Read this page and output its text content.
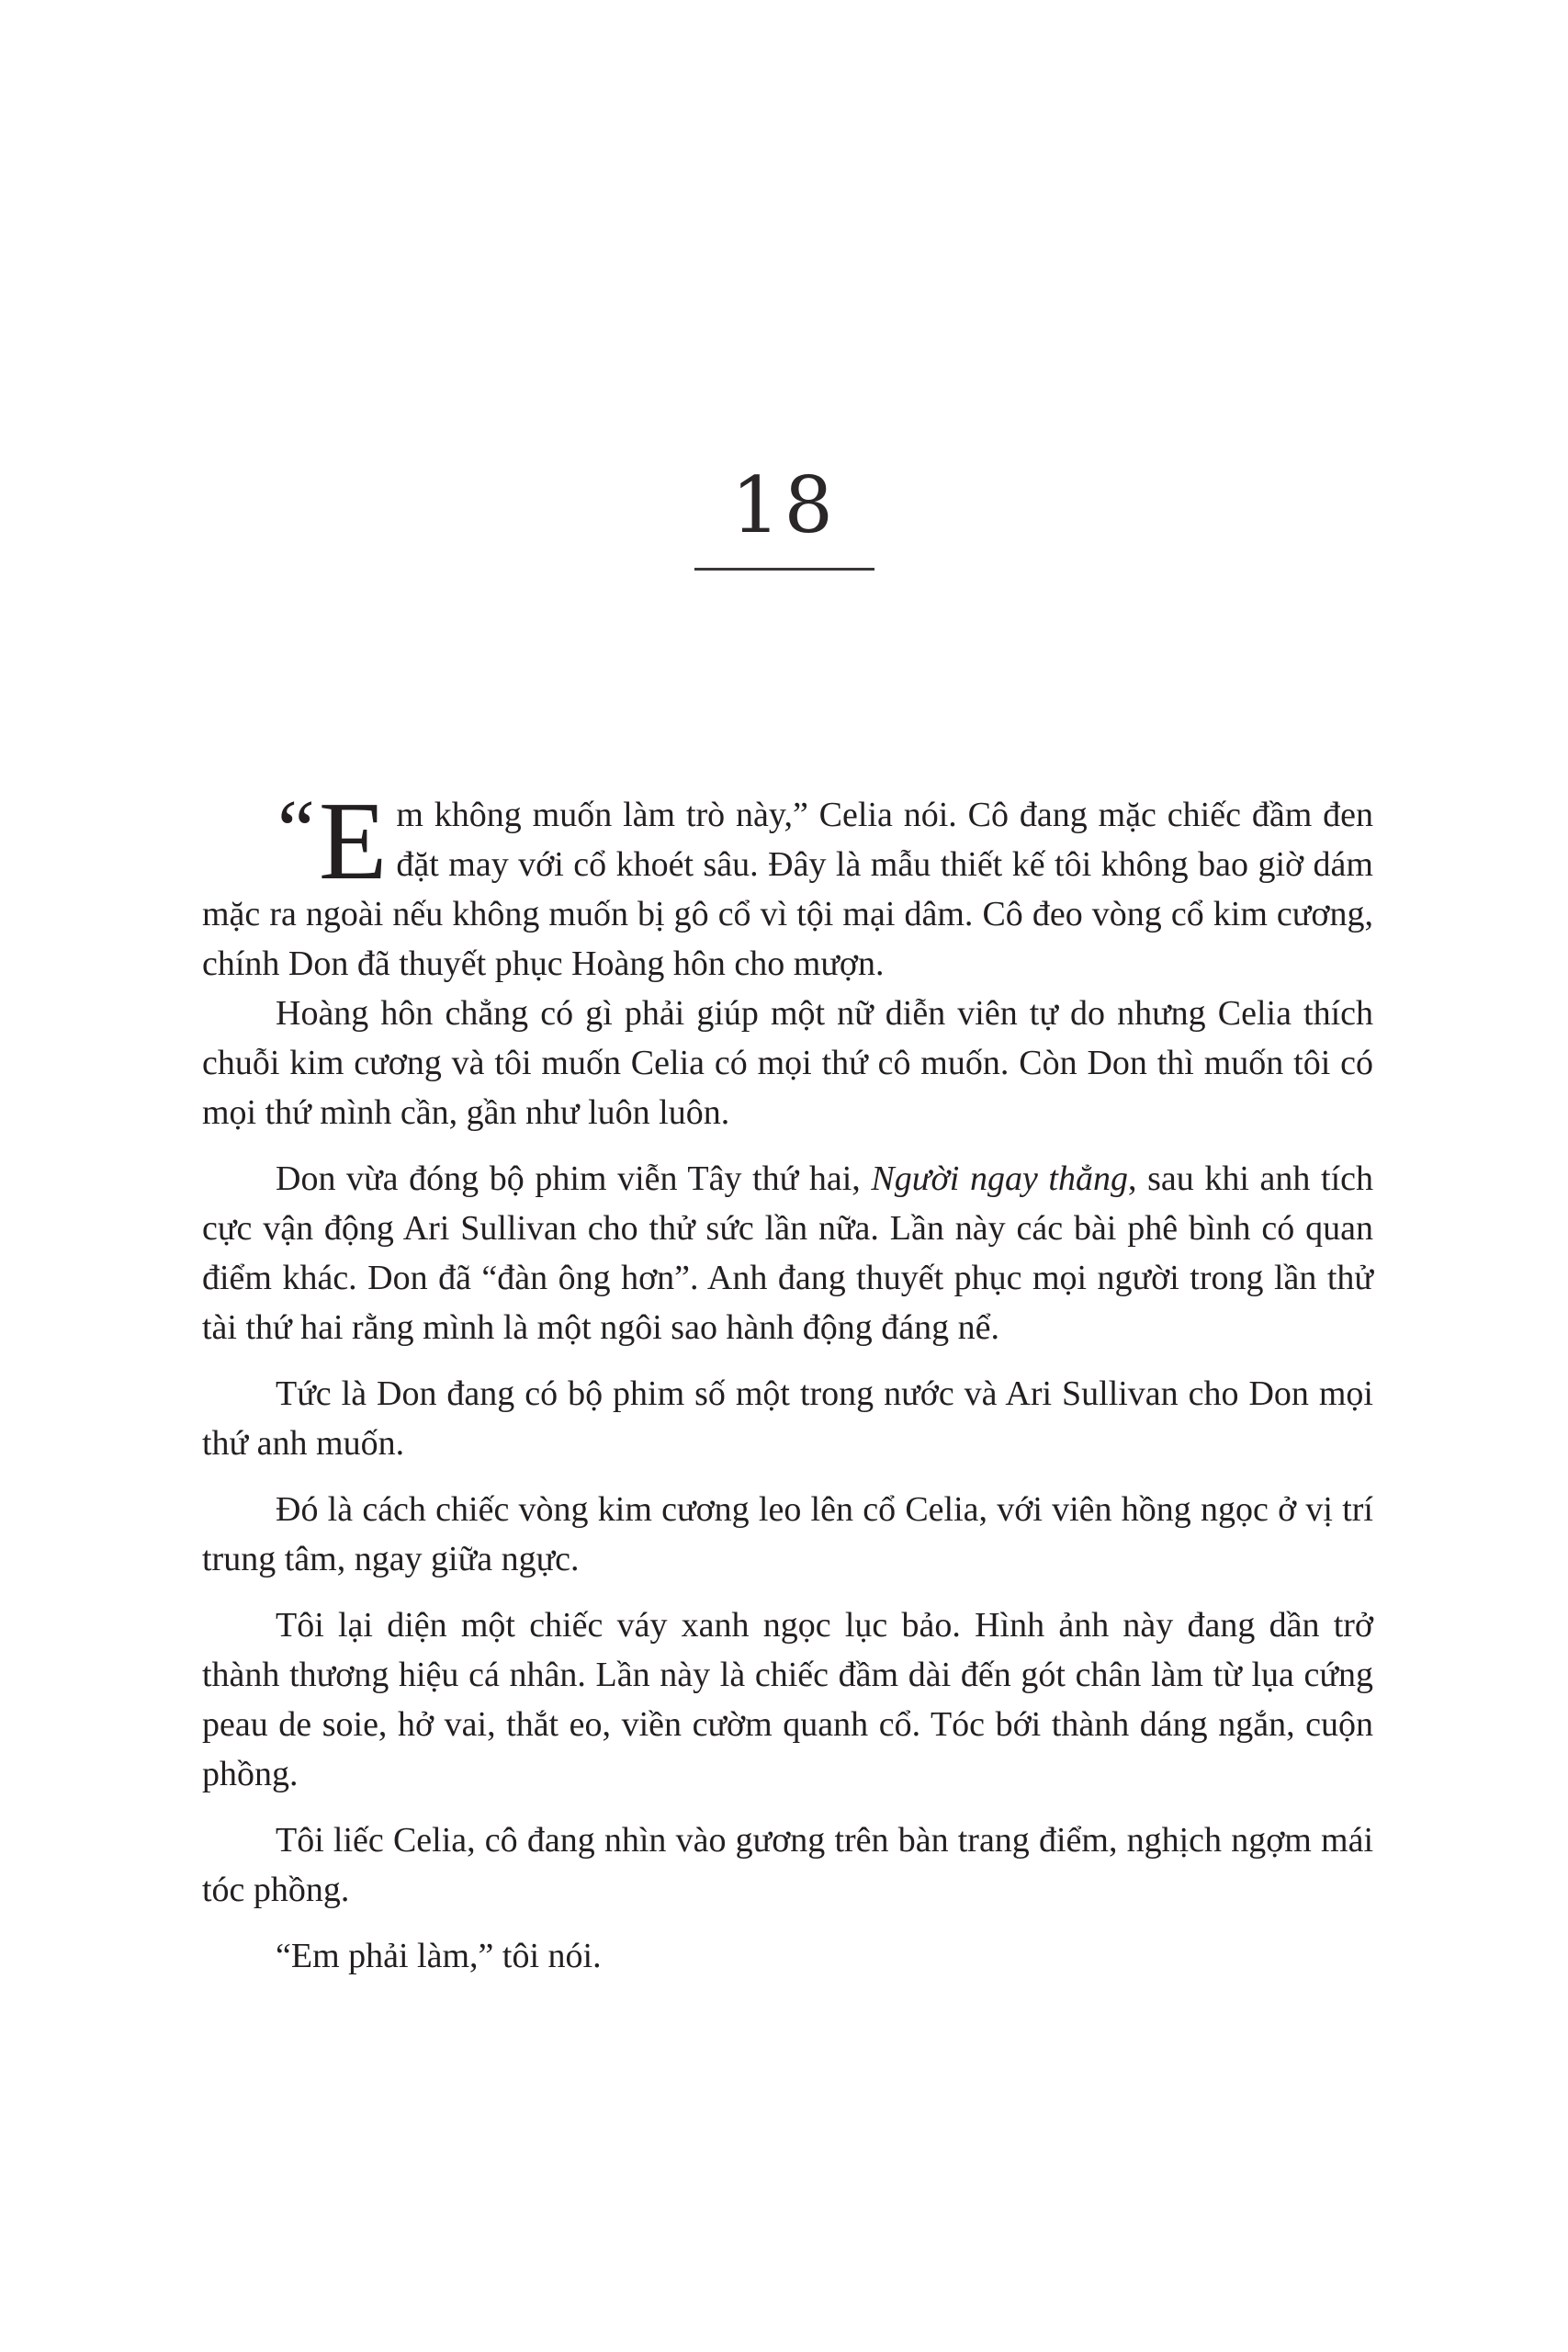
18

“ E m không muốn làm trò này,” Celia nói. Cô đang mặc chiếc đầm đen đặt may với cổ khoét sâu. Đây là mẫu thiết kế tôi không bao giờ dám mặc ra ngoài nếu không muốn bị gô cổ vì tội mại dâm. Cô đeo vòng cổ kim cương, chính Don đã thuyết phục Hoàng hôn cho mượn.

Hoàng hôn chẳng có gì phải giúp một nữ diễn viên tự do nhưng Celia thích chuỗi kim cương và tôi muốn Celia có mọi thứ cô muốn. Còn Don thì muốn tôi có mọi thứ mình cần, gần như luôn luôn.

Don vừa đóng bộ phim viễn Tây thứ hai, Người ngay thẳng, sau khi anh tích cực vận động Ari Sullivan cho thử sức lần nữa. Lần này các bài phê bình có quan điểm khác. Don đã “đàn ông hơn”. Anh đang thuyết phục mọi người trong lần thử tài thứ hai rằng mình là một ngôi sao hành động đáng nể.

Tức là Don đang có bộ phim số một trong nước và Ari Sullivan cho Don mọi thứ anh muốn.

Đó là cách chiếc vòng kim cương leo lên cổ Celia, với viên hồng ngọc ở vị trí trung tâm, ngay giữa ngực.

Tôi lại diện một chiếc váy xanh ngọc lục bảo. Hình ảnh này đang dần trở thành thương hiệu cá nhân. Lần này là chiếc đầm dài đến gót chân làm từ lụa cứng peau de soie, hở vai, thắt eo, viền cườm quanh cổ. Tóc bới thành dáng ngắn, cuộn phồng.

Tôi liếc Celia, cô đang nhìn vào gương trên bàn trang điểm, nghịch ngợm mái tóc phồng.

“Em phải làm,” tôi nói.
